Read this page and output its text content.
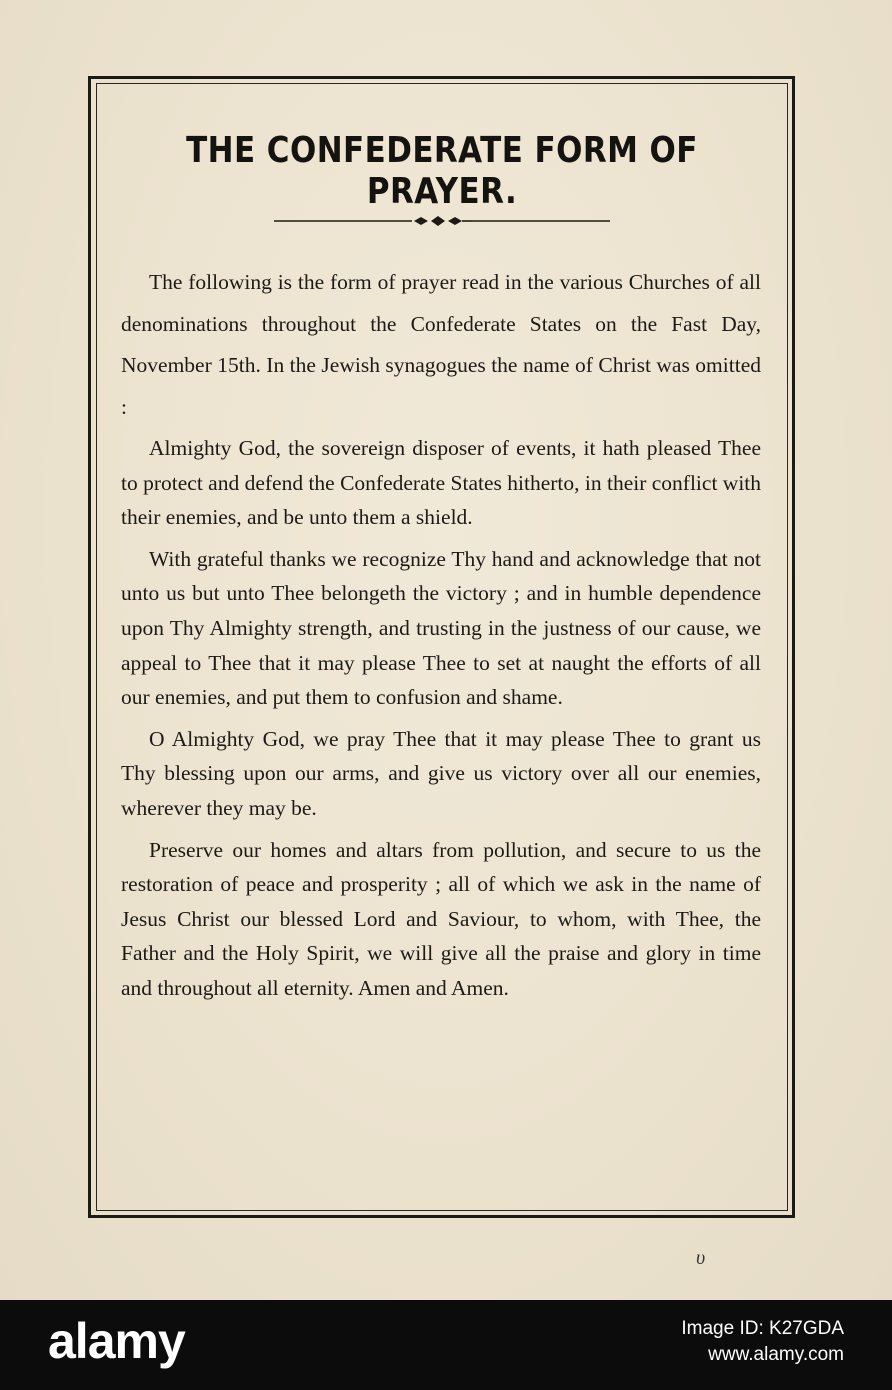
THE CONFEDERATE FORM OF PRAYER.

The following is the form of prayer read in the various Churches of all denominations throughout the Confederate States on the Fast Day, November 15th. In the Jewish synagogues the name of Christ was omitted :

Almighty God, the sovereign disposer of events, it hath pleased Thee to protect and defend the Confederate States hitherto, in their conflict with their enemies, and be unto them a shield.

With grateful thanks we recognize Thy hand and acknowledge that not unto us but unto Thee belongeth the victory ; and in humble dependence upon Thy Almighty strength, and trusting in the justness of our cause, we appeal to Thee that it may please Thee to set at naught the efforts of all our enemies, and put them to confusion and shame.

O Almighty God, we pray Thee that it may please Thee to grant us Thy blessing upon our arms, and give us victory over all our enemies, wherever they may be.

Preserve our homes and altars from pollution, and secure to us the restoration of peace and prosperity ; all of which we ask in the name of Jesus Christ our blessed Lord and Saviour, to whom, with Thee, the Father and the Holy Spirit, we will give all the praise and glory in time and throughout all eternity. Amen and Amen.

υ
alamy	Image ID: K27GDA
www.alamy.com
